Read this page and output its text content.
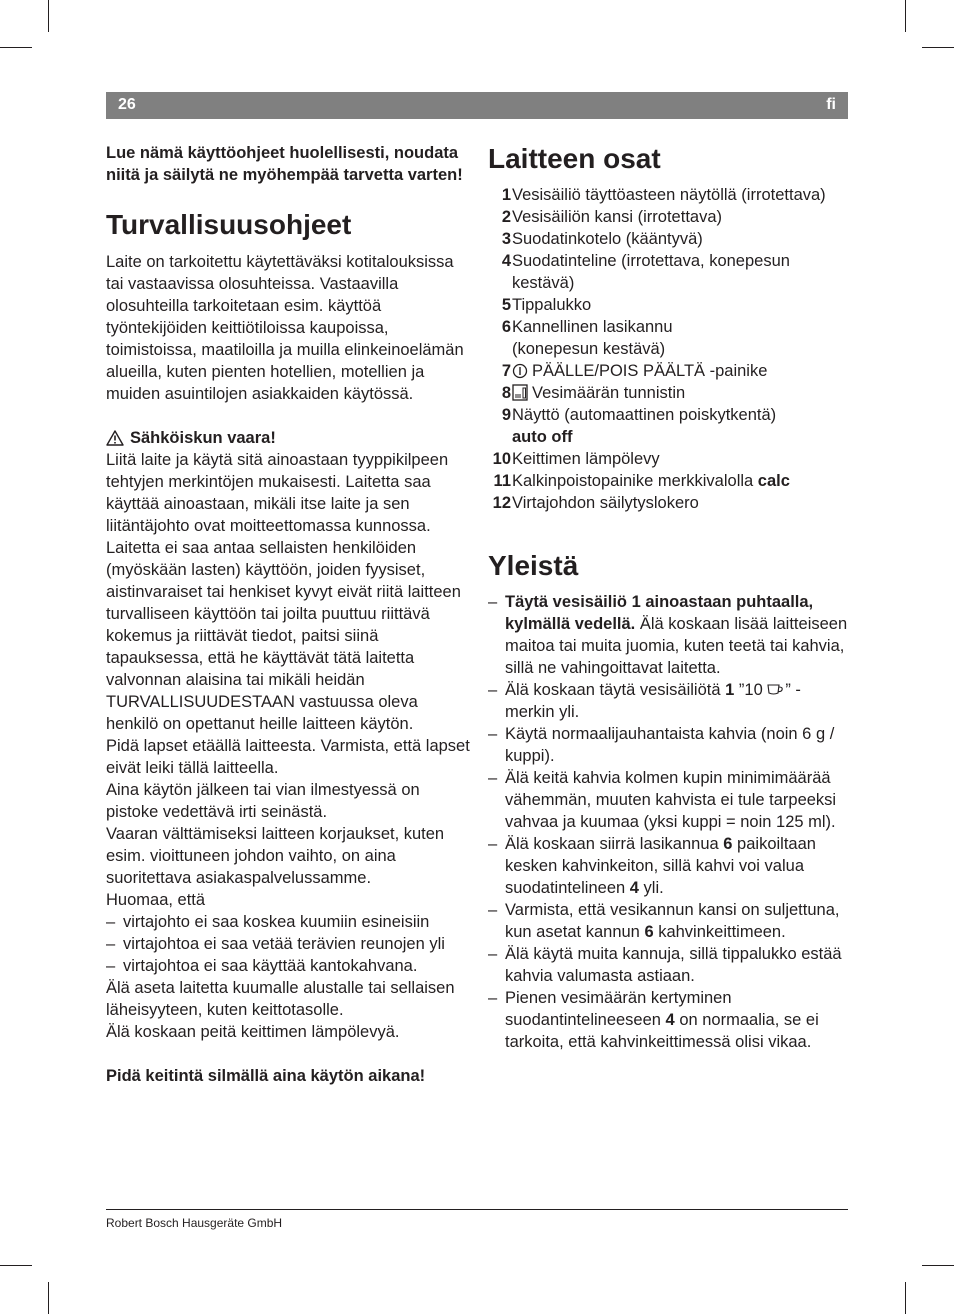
26	fi

Lue nämä käyttöohjeet huolellisesti, noudata niitä ja säilytä ne myöhempää tarvetta varten!

Turvallisuusohjeet

Laite on tarkoitettu käytettäväksi kotitalouksissa tai vastaavissa olosuhteissa. Vastaavilla olosuhteilla tarkoitetaan esim. käyttöä työntekijöiden keittiötiloissa kaupoissa, toimistoissa, maatiloilla ja muilla elinkeinoelämän alueilla, kuten pienten hotellien, motellien ja muiden asuintilojen asiakkaiden käytössä.

Sähköiskun vaara!

Liitä laite ja käytä sitä ainoastaan tyyppikilpeen tehtyjen merkintöjen mukaisesti. Laitetta saa käyttää ainoastaan, mikäli itse laite ja sen liitäntäjohto ovat moitteettomassa kunnossa.

Laitetta ei saa antaa sellaisten henkilöiden (myöskään lasten) käyttöön, joiden fyysiset, aistinvaraiset tai henkiset kyvyt eivät riitä laitteen turvalliseen käyttöön tai joilta puuttuu riittävä kokemus ja riittävät tiedot, paitsi siinä tapauksessa, että he käyttävät tätä laitetta valvonnan alaisina tai mikäli heidän TURVALLISUUDESTAAN vastuussa oleva henkilö on opettanut heille laitteen käytön.

Pidä lapset etäällä laitteesta. Varmista, että lapset eivät leiki tällä laitteella.

Aina käytön jälkeen tai vian ilmestyessä on pistoke vedettävä irti seinästä.

Vaaran välttämiseksi laitteen korjaukset, kuten esim. vioittuneen johdon vaihto, on aina suoritettava asiakaspalvelussamme.

Huomaa, että

– virtajohto ei saa koskea kuumiin esineisiin
– virtajohtoa ei saa vetää terävien reunojen yli
– virtajohtoa ei saa käyttää kantokahvana.

Älä aseta laitetta kuumalle alustalle tai sellaisen läheisyyteen, kuten keittotasolle.

Älä koskaan peitä keittimen lämpölevyä.

Pidä keitintä silmällä aina käytön aikana!

Laitteen osat
1 Vesisäiliö täyttöasteen näytöllä (irrotettava)
2 Vesisäiliön kansi (irrotettava)
3 Suodatinkotelo (kääntyvä)
4 Suodatinteline (irrotettava, konepesun kestävä)
5 Tippalukko
6 Kannellinen lasikannu
(konepesun kestävä)
7	PÄÄLLE/POIS PÄÄLTÄ -painike
8	Vesimäärän tunnistin
9 Näyttö (automaattinen poiskytkentä)
auto off
10 Keittimen lämpölevy
11 Kalkinpoistopainike merkkivalolla calc
12 Virtajohdon säilytyslokero
Yleistä
– Täytä vesisäiliö 1 ainoastaan puhtaalla, kylmällä vedellä. Älä koskaan lisää laitteiseen maitoa tai muita juomia, kuten teetä tai kahvia, sillä ne vahingoittavat laitetta.
– Älä koskaan täytä vesisäiliötä 1 ”10 ” -merkin yli.
– Käytä normaalijauhantaista kahvia (noin 6 g / kuppi).
– Älä keitä kahvia kolmen kupin minimimäärää vähemmän, muuten kahvista ei tule tarpeeksi vahvaa ja kuumaa (yksi kuppi = noin 125 ml).
– Älä koskaan siirrä lasikannua 6 paikoiltaan kesken kahvinkeiton, sillä kahvi voi valua suodatintelineen 4 yli.
– Varmista, että vesikannun kansi on suljettuna, kun asetat kannun 6 kahvinkeittimeen.
– Älä käytä muita kannuja, sillä tippalukko estää kahvia valumasta astiaan.
– Pienen vesimäärän kertyminen suodantintelineeseen 4 on normaalia, se ei tarkoita, että kahvinkeittimessä olisi vikaa.
Robert Bosch Hausgeräte GmbH
